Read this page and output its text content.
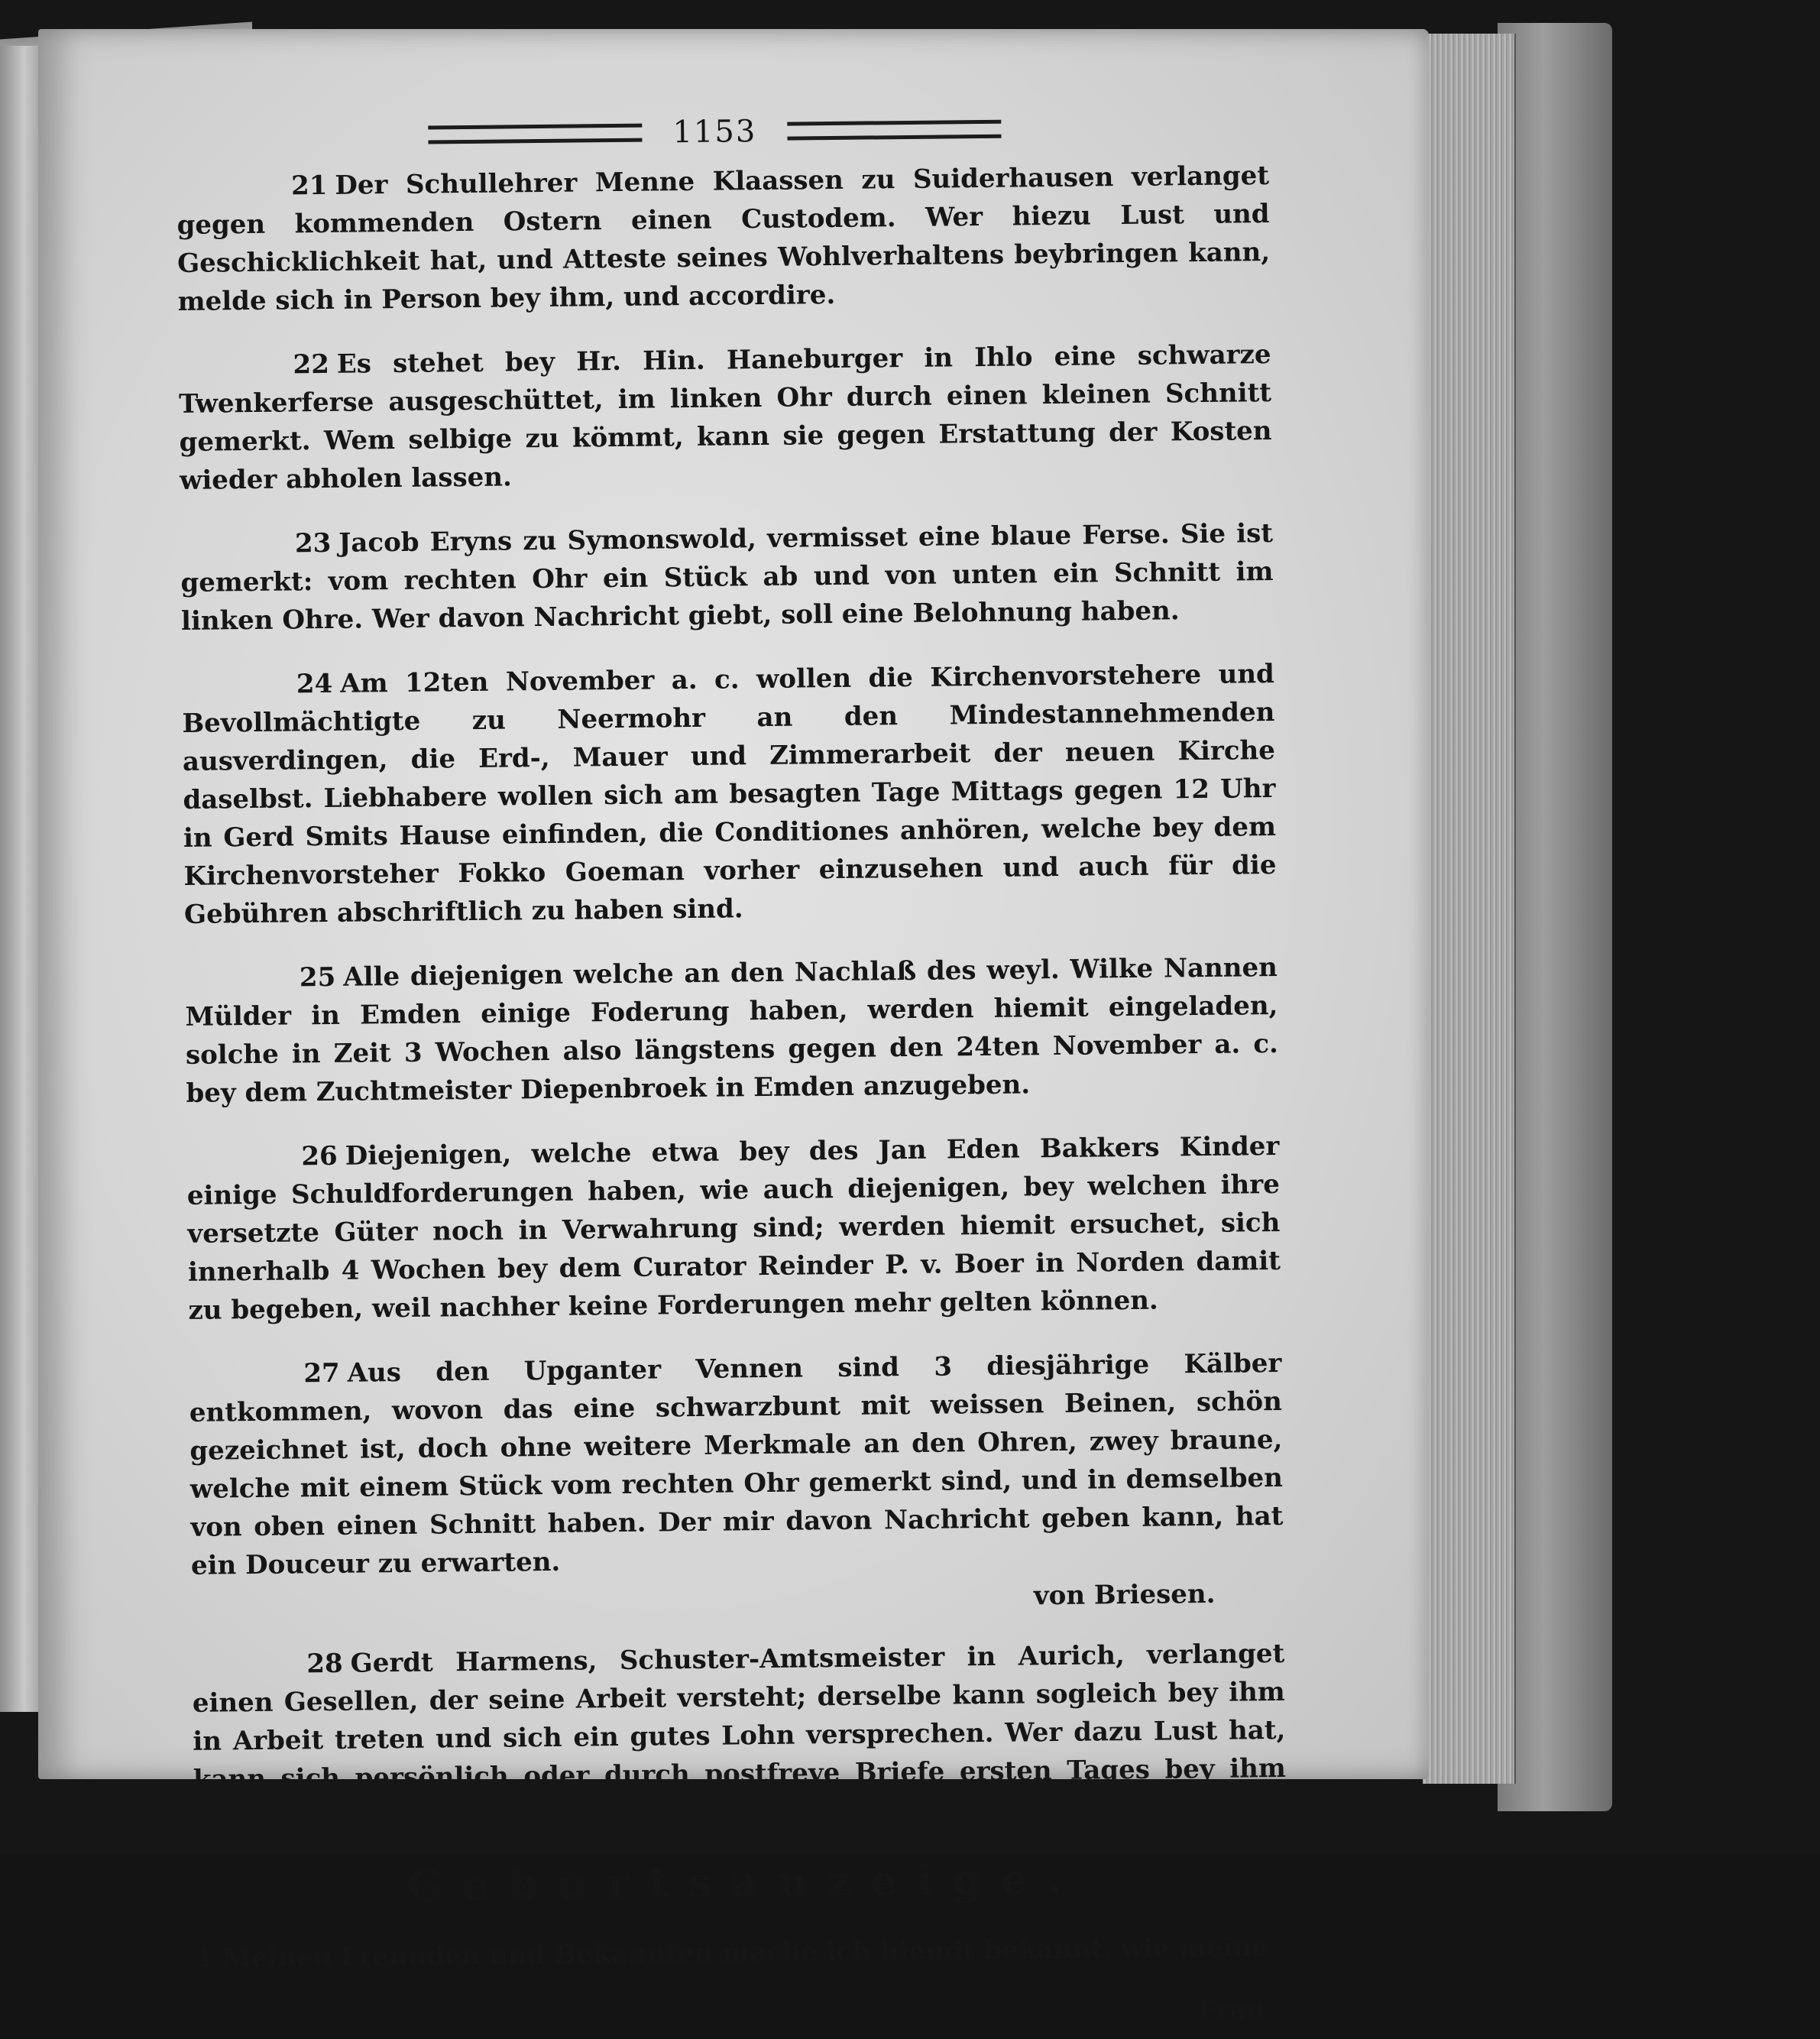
1153

21 Der Schullehrer Menne Klaassen zu Suiderhausen verlanget gegen kommenden Ostern einen Custodem. Wer hiezu Lust und Geschicklichkeit hat, und Atteste seines Wohlverhaltens beybringen kann, melde sich in Person bey ihm, und accordire.

22 Es stehet bey Hr. Hin. Haneburger in Ihlo eine schwarze Twenkerferse ausgeschüttet, im linken Ohr durch einen kleinen Schnitt gemerkt. Wem selbige zu kömmt, kann sie gegen Erstattung der Kosten wieder abholen lassen.

23 Jacob Eryns zu Symonswold, vermisset eine blaue Ferse. Sie ist gemerkt: vom rechten Ohr ein Stück ab und von unten ein Schnitt im linken Ohre. Wer davon Nachricht giebt, soll eine Belohnung haben.

24 Am 12ten November a. c. wollen die Kirchenvorstehere und Bevollmächtigte zu Neermohr an den Mindestannehmenden ausverdingen, die Erd-, Mauer und Zimmerarbeit der neuen Kirche daselbst. Liebhabere wollen sich am besagten Tage Mittags gegen 12 Uhr in Gerd Smits Hause einfinden, die Conditiones anhören, welche bey dem Kirchenvorsteher Fokko Goeman vorher einzusehen und auch für die Gebühren abschriftlich zu haben sind.

25 Alle diejenigen welche an den Nachlaß des weyl. Wilke Nannen Mülder in Emden einige Foderung haben, werden hiemit eingeladen, solche in Zeit 3 Wochen also längstens gegen den 24ten November a. c. bey dem Zuchtmeister Diepenbroek in Emden anzugeben.

26 Diejenigen, welche etwa bey des Jan Eden Bakkers Kinder einige Schuldforderungen haben, wie auch diejenigen, bey welchen ihre versetzte Güter noch in Verwahrung sind; werden hiemit ersuchet, sich innerhalb 4 Wochen bey dem Curator Reinder P. v. Boer in Norden damit zu begeben, weil nachher keine Forderungen mehr gelten können.

27 Aus den Upganter Vennen sind 3 diesjährige Kälber entkommen, wovon das eine schwarzbunt mit weissen Beinen, schön gezeichnet ist, doch ohne weitere Merkmale an den Ohren, zwey braune, welche mit einem Stück vom rechten Ohr gemerkt sind, und in demselben von oben einen Schnitt haben. Der mir davon Nachricht geben kann, hat ein Douceur zu erwarten.

von Briesen.

28 Gerdt Harmens, Schuster-Amtsmeister in Aurich, verlanget einen Gesellen, der seine Arbeit versteht; derselbe kann sogleich bey ihm in Arbeit treten und sich ein gutes Lohn versprechen. Wer dazu Lust hat, kann sich persönlich oder durch postfreye Briefe ersten Tages bey ihm melden.

Geburtsanzeige.

1 Meinen Freunden und Bekannten mache ich hiemit bekannt, wie meine

Frau
